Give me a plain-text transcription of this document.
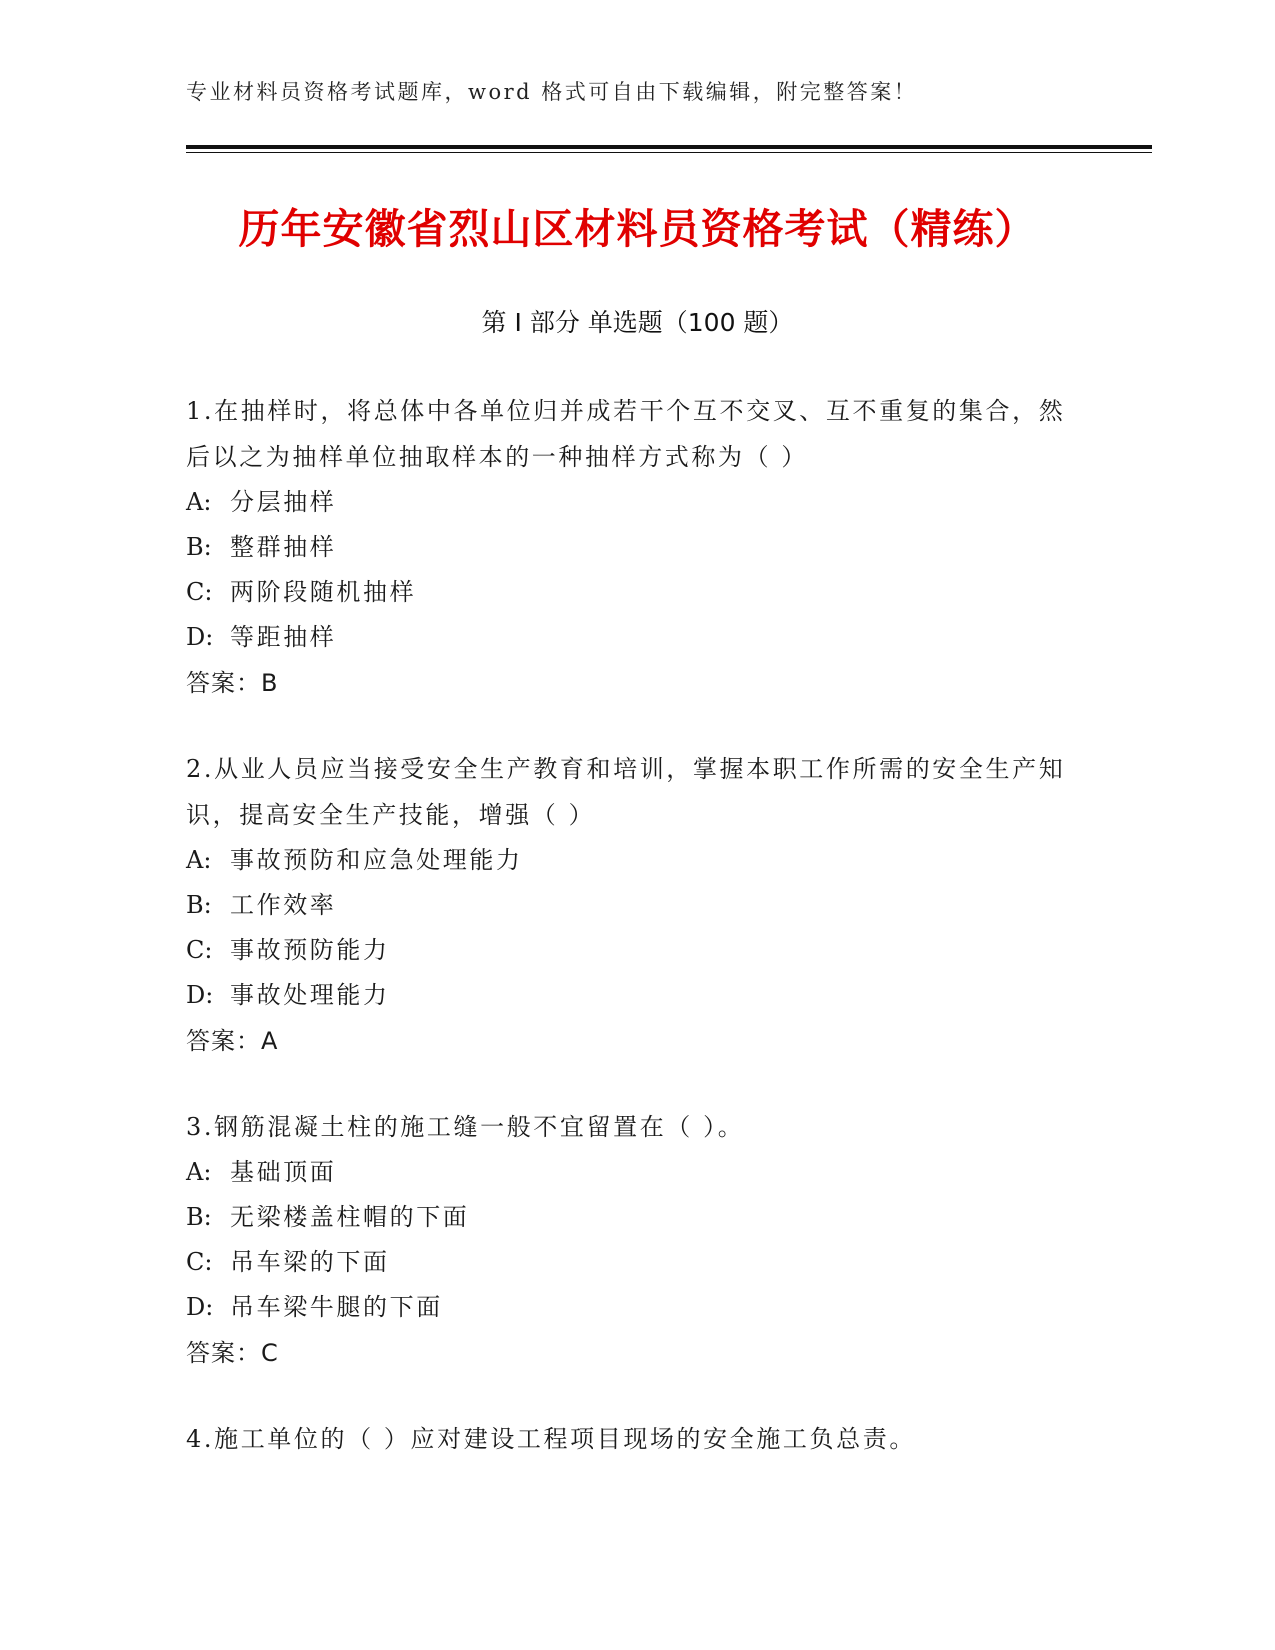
专业材料员资格考试题库，word 格式可自由下载编辑，附完整答案！
历年安徽省烈山区材料员资格考试（精练）
第 I 部分 单选题（100 题）

1.在抽样时，将总体中各单位归并成若干个互不交叉、互不重复的集合，然后以之为抽样单位抽取样本的一种抽样方式称为（ ）

A: 分层抽样
B: 整群抽样
C: 两阶段随机抽样
D: 等距抽样
答案：B

2.从业人员应当接受安全生产教育和培训，掌握本职工作所需的安全生产知识，提高安全生产技能，增强（ ）

A: 事故预防和应急处理能力
B: 工作效率
C: 事故预防能力
D: 事故处理能力
答案：A

3.钢筋混凝土柱的施工缝一般不宜留置在（ ）。

A: 基础顶面
B: 无梁楼盖柱帽的下面
C: 吊车梁的下面
D: 吊车梁牛腿的下面
答案：C

4.施工单位的（ ）应对建设工程项目现场的安全施工负总责。
